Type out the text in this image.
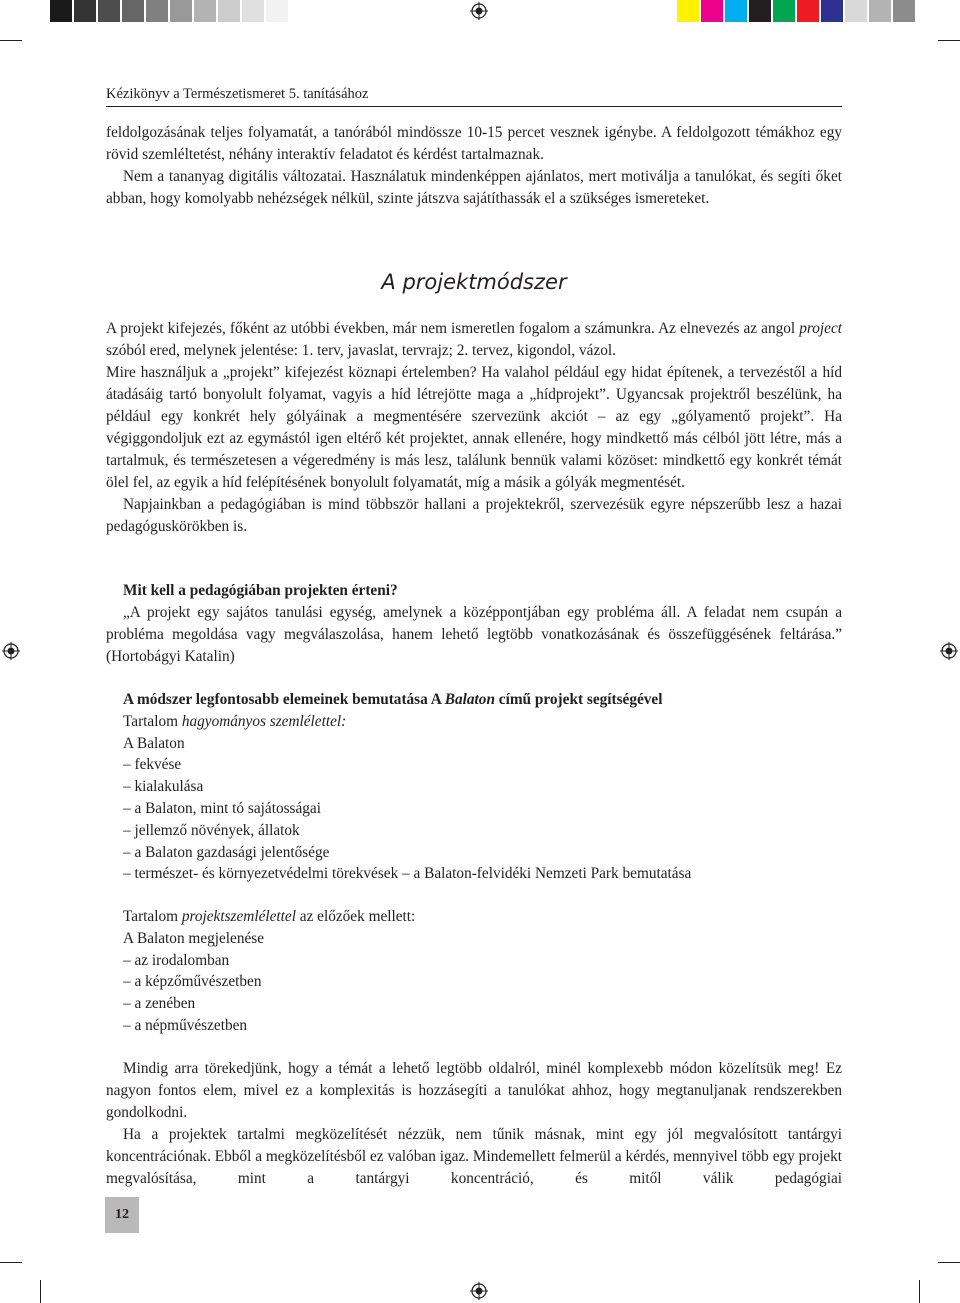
Kézikönyv a Természetismeret 5. tanításához

feldolgozásának teljes folyamatát, a tanórából mindössze 10-15 percet vesznek igénybe. A feldolgozott témákhoz egy rövid szemléltetést, néhány interaktív feladatot és kérdést tartalmaznak.

Nem a tananyag digitális változatai. Használatuk mindenképpen ajánlatos, mert motiválja a tanulókat, és segíti őket abban, hogy komolyabb nehézségek nélkül, szinte játszva sajátíthassák el a szükséges ismereteket.

A projektmódszer

A projekt kifejezés, főként az utóbbi években, már nem ismeretlen fogalom a számunkra. Az elnevezés az angol project szóból ered, melynek jelentése: 1. terv, javaslat, tervrajz; 2. tervez, kigondol, vázol.

Mire használjuk a „projekt” kifejezést köznapi értelemben? Ha valahol például egy hidat építenek, a tervezéstől a híd átadásáig tartó bonyolult folyamat, vagyis a híd létrejötte maga a „hídprojekt”. Ugyancsak projektről beszélünk, ha például egy konkrét hely gólyáinak a megmentésére szervezünk akciót – az egy „gólyamentő projekt”. Ha végiggondoljuk ezt az egymástól igen eltérő két projektet, annak ellenére, hogy mindkettő más célból jött létre, más a tartalmuk, és természetesen a végeredmény is más lesz, találunk bennük valami közöset: mindkettő egy konkrét témát ölel fel, az egyik a híd felépítésének bonyolult folyamatát, míg a másik a gólyák megmentését.

Napjainkban a pedagógiában is mind többször hallani a projektekről, szervezésük egyre népszerűbb lesz a hazai pedagóguskörökben is.

Mit kell a pedagógiában projekten érteni?

„A projekt egy sajátos tanulási egység, amelynek a középpontjában egy probléma áll. A feladat nem csupán a probléma megoldása vagy megválaszolása, hanem lehető legtöbb vonatkozásának és összefüggésének feltárása.” (Hortobágyi Katalin)

A módszer legfontosabb elemeinek bemutatása A Balaton című projekt segítségével
Tartalom hagyományos szemlélettel:
A Balaton
– fekvése
– kialakulása
– a Balaton, mint tó sajátosságai
– jellemző növények, állatok
– a Balaton gazdasági jelentősége
– természet- és környezetvédelmi törekvések – a Balaton-felvidéki Nemzeti Park bemutatása
Tartalom projektszemlélettel az előzőek mellett:
A Balaton megjelenése
– az irodalomban
– a képzőművészetben
– a zenében
– a népművészetben

Mindig arra törekedjünk, hogy a témát a lehető legtöbb oldalról, minél komplexebb módon közelítsük meg! Ez nagyon fontos elem, mivel ez a komplexitás is hozzásegíti a tanulókat ahhoz, hogy megtanuljanak rendszerekben gondolkodni.

Ha a projektek tartalmi megközelítését nézzük, nem tűnik másnak, mint egy jól megvalósított tantárgyi koncentrációnak. Ebből a megközelítésből ez valóban igaz. Mindemellett felmerül a kérdés, mennyivel több egy projekt megvalósítása, mint a tantárgyi koncentráció, és mitől válik pedagógiai

12
